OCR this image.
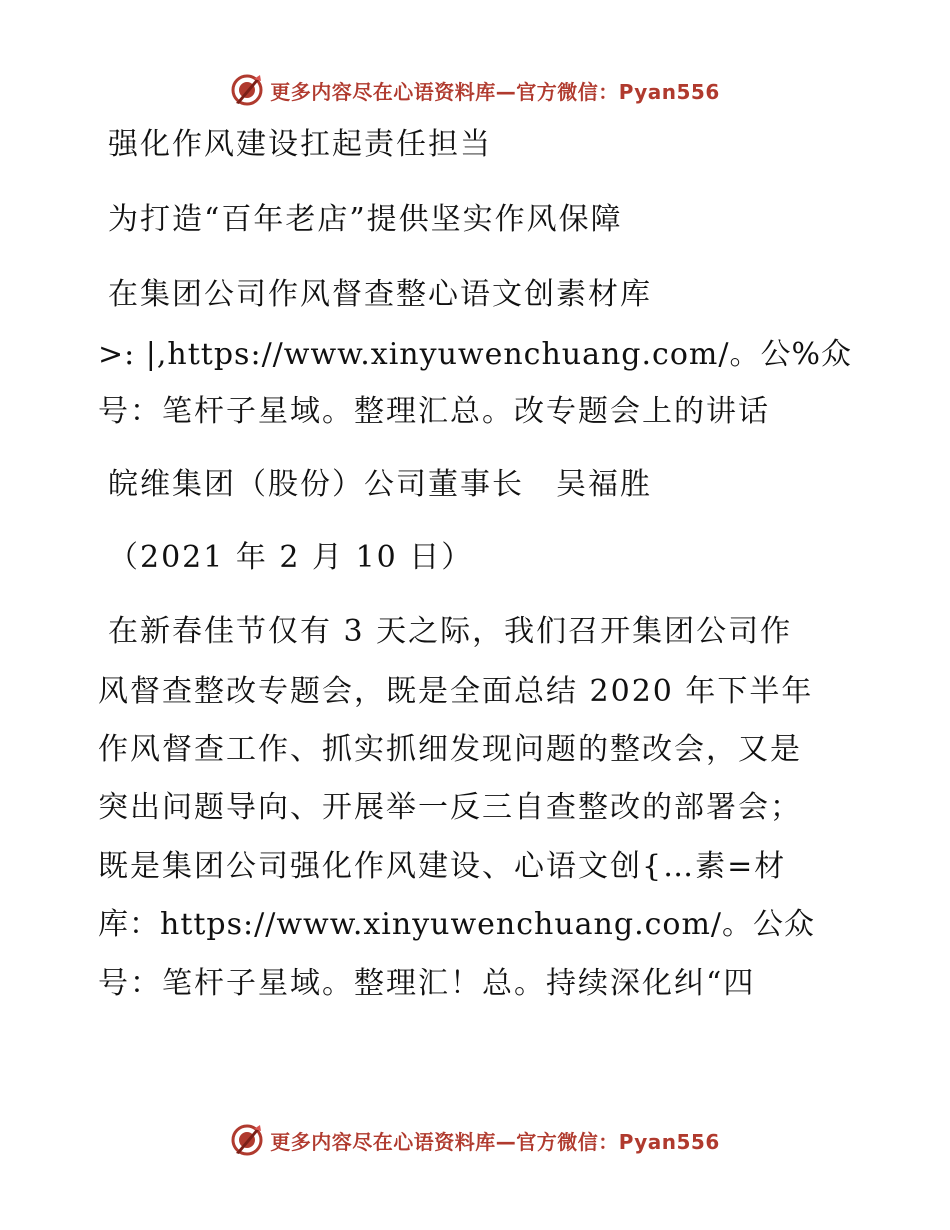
更多内容尽在心语资料库—官方微信：Pyan556
强化作风建设扛起责任担当
为打造“百年老店”提供坚实作风保障
在集团公司作风督查整心语文创素材库
>: |,https://www.xinyuwenchuang.com/。公%众
号：笔杆子星域。整理汇总。改专题会上的讲话
皖维集团（股份）公司董事长　吴福胜
（2021 年 2 月 10 日）
在新春佳节仅有 3 天之际，我们召开集团公司作
风督查整改专题会，既是全面总结 2020 年下半年
作风督查工作、抓实抓细发现问题的整改会，又是
突出问题导向、开展举一反三自查整改的部署会；
既是集团公司强化作风建设、心语文创{…素=材
库：https://www.xinyuwenchuang.com/。公众
号：笔杆子星域。整理汇！总。持续深化纠“四
更多内容尽在心语资料库—官方微信：Pyan556
